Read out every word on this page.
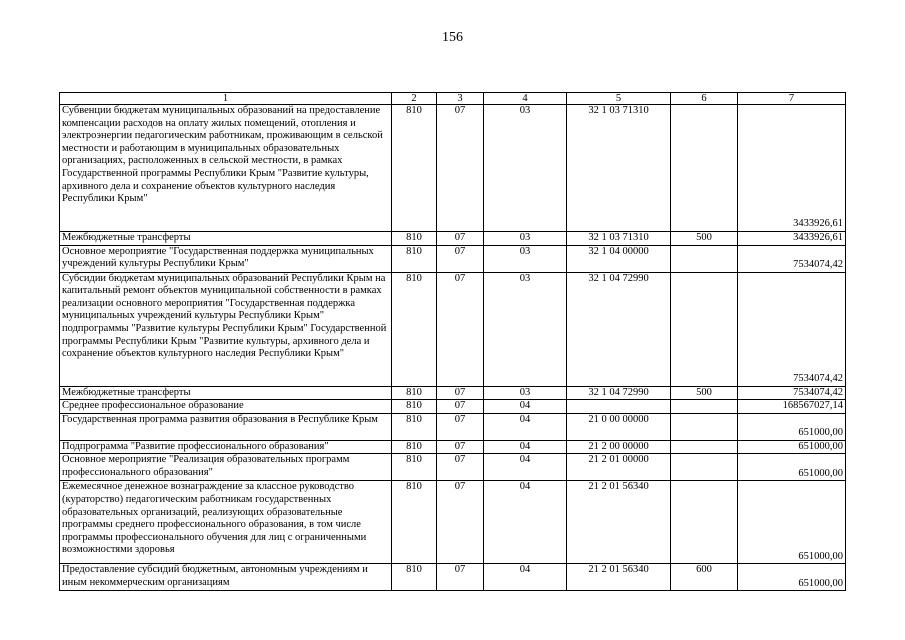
156
1	2	3	4	5	6	7
Субвенции бюджетам муниципальных образований на предоставление компенсации расходов на оплату жилых помещений, отопления и электроэнергии педагогическим работникам, проживающим в сельской местности и работающим в муниципальных образовательных организациях, расположенных в сельской местности, в рамках Государственной программы Республики Крым "Развитие культуры, архивного дела и сохранение объектов культурного наследия Республики Крым"	810	07	03	32 1 03 71310		3433926,61
Межбюджетные трансферты	810	07	03	32 1 03 71310	500	3433926,61
Основное мероприятие "Государственная поддержка муниципальных учреждений культуры Республики Крым"	810	07	03	32 1 04 00000		7534074,42
Субсидии бюджетам муниципальных образований Республики Крым на капитальный ремонт объектов муниципальной собственности в рамках реализации основного мероприятия "Государственная поддержка муниципальных учреждений культуры Республики Крым" подпрограммы "Развитие культуры Республики Крым" Государственной программы Республики Крым "Развитие культуры, архивного дела и сохранение объектов культурного наследия Республики Крым"	810	07	03	32 1 04 72990		7534074,42
Межбюджетные трансферты	810	07	03	32 1 04 72990	500	7534074,42
Среднее профессиональное образование	810	07	04			168567027,14
Государственная программа развития образования в Республике Крым	810	07	04	21 0 00 00000		651000,00
Подпрограмма "Развитие профессионального образования"	810	07	04	21 2 00 00000		651000,00
Основное мероприятие "Реализация образовательных программ профессионального образования"	810	07	04	21 2 01 00000		651000,00
Ежемесячное денежное вознаграждение за классное руководство (кураторство) педагогическим работникам государственных образовательных организаций, реализующих образовательные программы среднего профессионального образования, в том числе программы профессионального обучения для лиц с ограниченными возможностями здоровья	810	07	04	21 2 01 56340		651000,00
Предоставление субсидий бюджетным, автономным учреждениям и иным некоммерческим организациям	810	07	04	21 2 01 56340	600	651000,00
